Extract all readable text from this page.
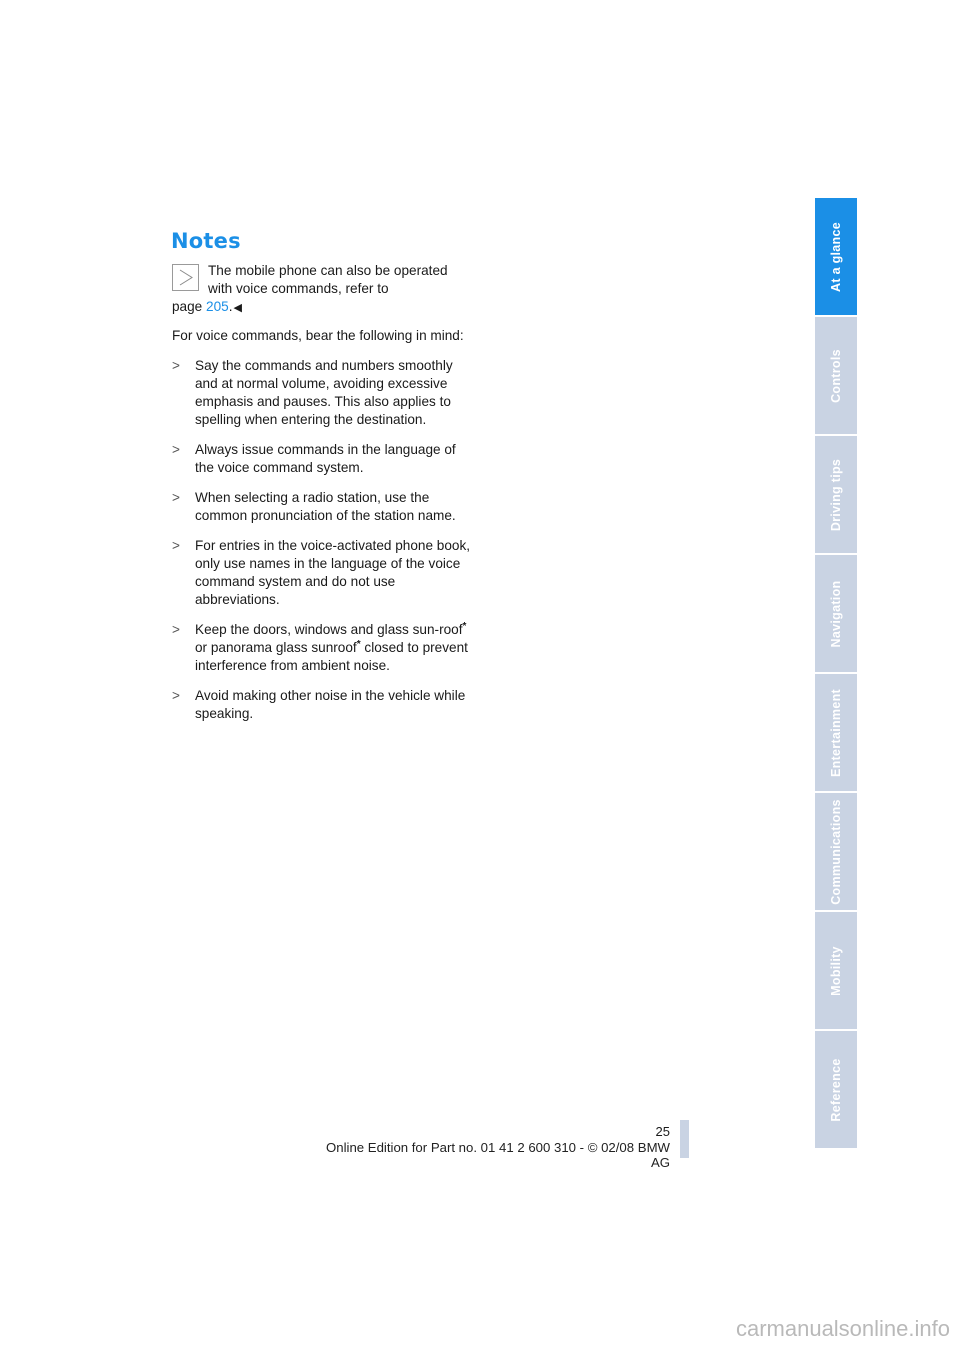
Notes
The mobile phone can also be operated
with voice commands, refer to
page 205.◀

For voice commands, bear the following in mind:

> Say the commands and numbers smoothly and at normal volume, avoiding excessive emphasis and pauses. This also applies to spelling when entering the destination.
> Always issue commands in the language of the voice command system.
> When selecting a radio station, use the common pronunciation of the station name.
> For entries in the voice-activated phone book, only use names in the language of the voice command system and do not use abbreviations.
> Keep the doors, windows and glass sun-roof* or panorama glass sunroof* closed to prevent interference from ambient noise.
> Avoid making other noise in the vehicle while speaking.
At a glance
Controls
Driving tips
Navigation
Entertainment
Communications
Mobility
Reference
25
Online Edition for Part no. 01 41 2 600 310 - © 02/08 BMW AG
carmanualsonline.info
